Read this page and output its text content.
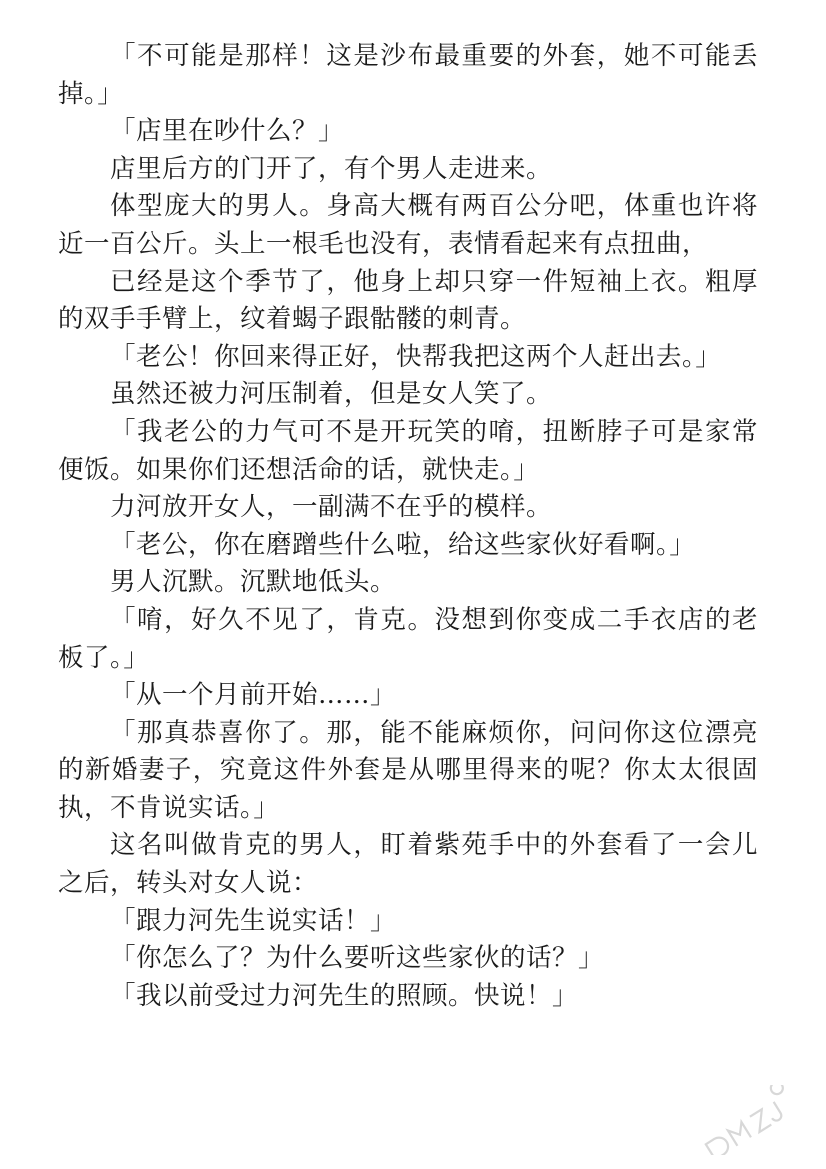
「不可能是那样！这是沙布最重要的外套，她不可能丢掉。」

「店里在吵什么？」

店里后方的门开了，有个男人走进来。

体型庞大的男人。身高大概有两百公分吧，体重也许将近一百公斤。头上一根毛也没有，表情看起来有点扭曲，

已经是这个季节了，他身上却只穿一件短袖上衣。粗厚的双手手臂上，纹着蝎子跟骷髅的刺青。

「老公！你回来得正好，快帮我把这两个人赶出去。」

虽然还被力河压制着，但是女人笑了。

「我老公的力气可不是开玩笑的唷，扭断脖子可是家常便饭。如果你们还想活命的话，就快走。」

力河放开女人，一副满不在乎的模样。

「老公，你在磨蹭些什么啦，给这些家伙好看啊。」

男人沉默。沉默地低头。

「唷，好久不见了，肯克。没想到你变成二手衣店的老板了。」

「从一个月前开始……」

「那真恭喜你了。那，能不能麻烦你，问问你这位漂亮的新婚妻子，究竟这件外套是从哪里得来的呢？你太太很固执，不肯说实话。」

这名叫做肯克的男人，盯着紫苑手中的外套看了一会儿之后，转头对女人说：

「跟力河先生说实话！」

「你怎么了？为什么要听这些家伙的话？」

「我以前受过力河先生的照顾。快说！」
